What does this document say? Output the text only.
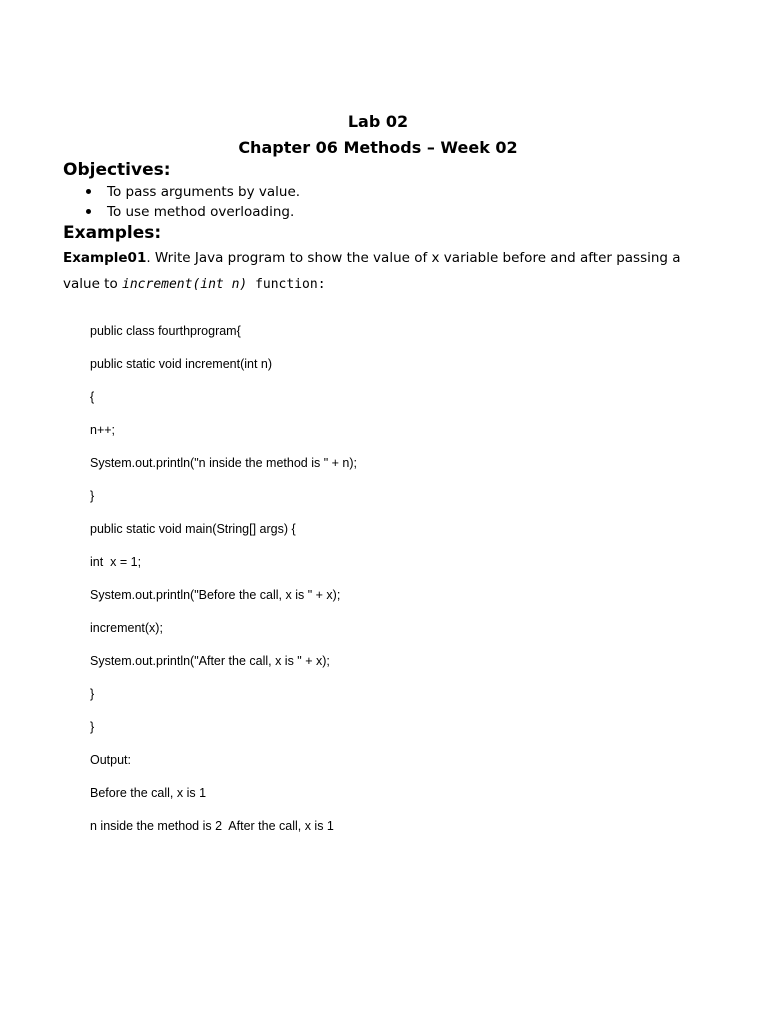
Lab 02
Chapter 06 Methods – Week 02
Objectives:
To pass arguments by value.
To use method overloading.
Examples:
Example01. Write Java program to show the value of x variable before and after passing a value to increment(int n) function:
public class fourthprogram{
public static void increment(int n)
{
n++;
System.out.println("n inside the method is " + n);
}
public static void main(String[] args) {
int  x = 1;
System.out.println("Before the call, x is " + x);
increment(x);
System.out.println("After the call, x is " + x);
}
}
Output:
Before the call, x is 1
n inside the method is 2  After the call, x is 1
